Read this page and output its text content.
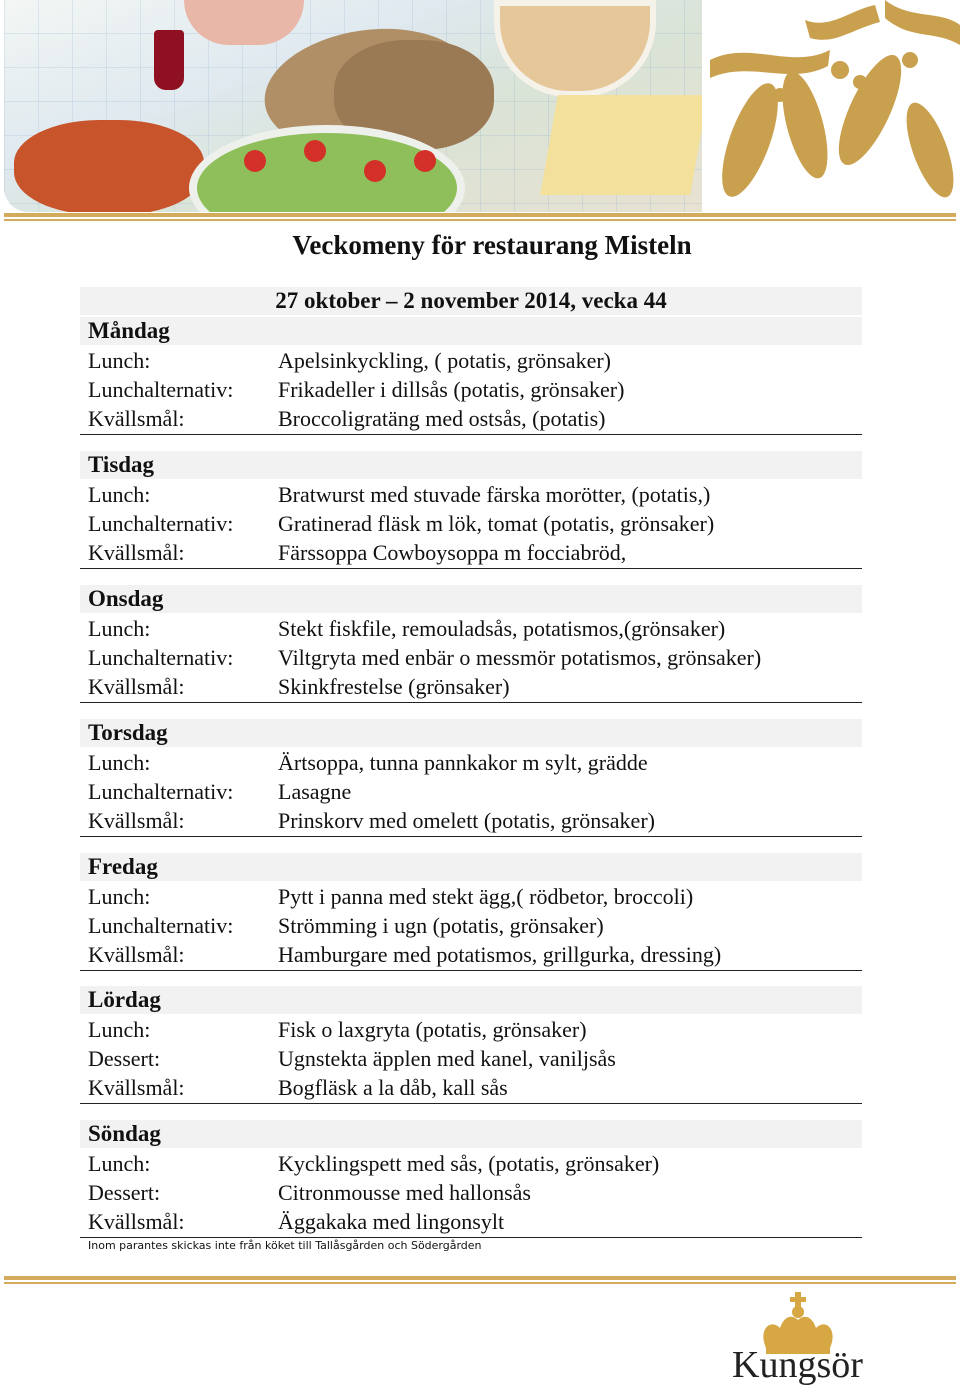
Veckomeny för restaurang Misteln
27 oktober – 2 november 2014, vecka 44
Måndag
Lunch:	Apelsinkyckling, ( potatis, grönsaker)
Lunchalternativ: Frikadeller i dillsås (potatis, grönsaker)
Kvällsmål:	Broccoligratäng med ostsås, (potatis)
Tisdag
Lunch:	Bratwurst med stuvade färska morötter, (potatis,)
Lunchalternativ: Gratinerad fläsk m lök, tomat (potatis, grönsaker)
Kvällsmål:	Färssoppa Cowboysoppa m focciabröd,
Onsdag
Lunch:	Stekt fiskfile, remouladsås, potatismos,(grönsaker)
Lunchalternativ: Viltgryta med enbär o messmör potatismos, grönsaker)
Kvällsmål:	Skinkfrestelse (grönsaker)
Torsdag
Lunch:	Ärtsoppa, tunna pannkakor m sylt, grädde
Lunchalternativ: Lasagne
Kvällsmål:	Prinskorv med omelett (potatis, grönsaker)
Fredag
Lunch:	Pytt i panna med stekt ägg,( rödbetor, broccoli)
Lunchalternativ: Strömming i ugn (potatis, grönsaker)
Kvällsmål:	Hamburgare med potatismos, grillgurka, dressing)
Lördag
Lunch:	Fisk o laxgryta (potatis, grönsaker)
Dessert:	Ugnstekta äpplen med kanel, vaniljsås
Kvällsmål:	Bogfläsk a la dåb, kall sås
Söndag
Lunch:	Kycklingspett med sås, (potatis, grönsaker)
Dessert:	Citronmousse med hallonsås
Kvällsmål:	Äggakaka med lingonsylt
Inom parantes skickas inte från köket till Tallåsgården och Södergården
Kungsör
